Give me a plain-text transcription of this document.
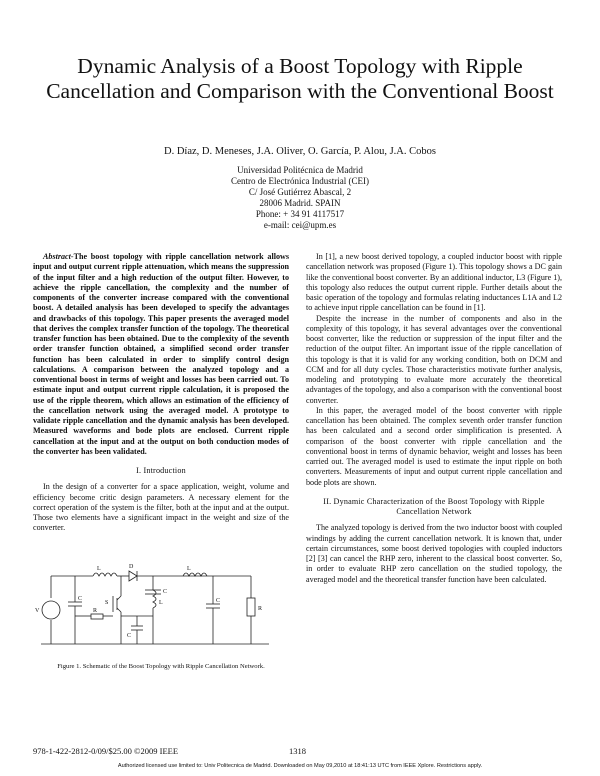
Dynamic Analysis of a Boost Topology with Ripple Cancellation and Comparison with the Conventional Boost
D. Díaz, D. Meneses, J.A. Oliver, O. García, P. Alou, J.A. Cobos
Universidad Politécnica de Madrid
Centro de Electrónica Industrial (CEI)
C/ José Gutiérrez Abascal, 2
28006 Madrid. SPAIN
Phone: + 34 91 4117517
e-mail: cei@upm.es

Abstract-The boost topology with ripple cancellation network allows input and output current ripple attenuation, which means the suppression of the input filter and a high reduction of the output filter. However, to achieve the ripple cancellation, the complexity and the number of components of the converter increase compared with the conventional boost. A detailed analysis has been developed to specify the advantages and drawbacks of this topology. This paper presents the averaged model that derives the complex transfer function of the topology. The theoretical transfer function has been obtained. Due to the complexity of the seventh order transfer function obtained, a simplified second order transfer function has been calculated in order to simplify control design calculations. A comparison between the analyzed topology and a conventional boost in terms of weight and losses has been carried out. To estimate input and output current ripple calculation, it is proposed the use of the ripple theorem, which allows an estimation of the efficiency of the cancellation network using the averaged model. A prototype to validate ripple cancellation and the dynamic analysis has been developed. Measured waveforms and bode plots are enclosed. Current ripple cancellation at the input and at the output on both conduction modes of the converter has been validated.

I. Introduction

In the design of a converter for a space application, weight, volume and efficiency become critic design parameters. A necessary element for the correct operation of the system is the filter, both at the input and at the output. Those two elements have a significant impact in the weight and size of the converter.

V
C
L	D	L
S	L
C
C
C
R
R
Figure 1. Schematic of the Boost Topology with Ripple Cancellation Network.

In [1], a new boost derived topology, a coupled inductor boost with ripple cancellation network was proposed (Figure 1). This topology shows a DC gain like the conventional boost converter. By an additional inductor, L3 (Figure 1), this topology also reduces the output current ripple. Further details about the basic operation of the topology and formulas relating inductances L1A and L2 to achieve input ripple cancellation can be found in [1].

Despite the increase in the number of components and also in the complexity of this topology, it has several advantages over the conventional boost converter, like the reduction or suppression of the input filter and the reduction of the output filter. An important issue of the ripple cancellation of this topology is that it is valid for any working condition, both on DCM and CCM and for all duty cycles. Those characteristics motivate further analysis, modeling and prototyping to evaluate more accurately the theoretical advantages of the topology, and also a comparison with the conventional boost converter.

In this paper, the averaged model of the boost converter with ripple cancellation has been obtained. The complex seventh order transfer function has been calculated and a second order simplification is presented. A comparison of the boost converter with ripple cancellation and the conventional boost in terms of dynamic behavior, weight and losses has been carried out. The averaged model is used to estimate the input ripple on both converters. Measurements of input and output current ripple cancellation and bode plots are shown.

II. Dynamic Characterization of the Boost Topology with Ripple Cancellation Network

The analyzed topology is derived from the two inductor boost with coupled windings by adding the current cancellation network. It is known that, under certain circumstances, some boost derived topologies with coupled inductors [2] [3] can cancel the RHP zero, inherent to the classical boost converter. So, in order to evaluate RHP zero cancellation on the studied topology, the averaged model and the theoretical transfer function have been calculated.

978-1-422-2812-0/09/$25.00 ©2009 IEEE	1318
Authorized licensed use limited to: Univ Politecnica de Madrid. Downloaded on May 09,2010 at 18:41:13 UTC from IEEE Xplore. Restrictions apply.
